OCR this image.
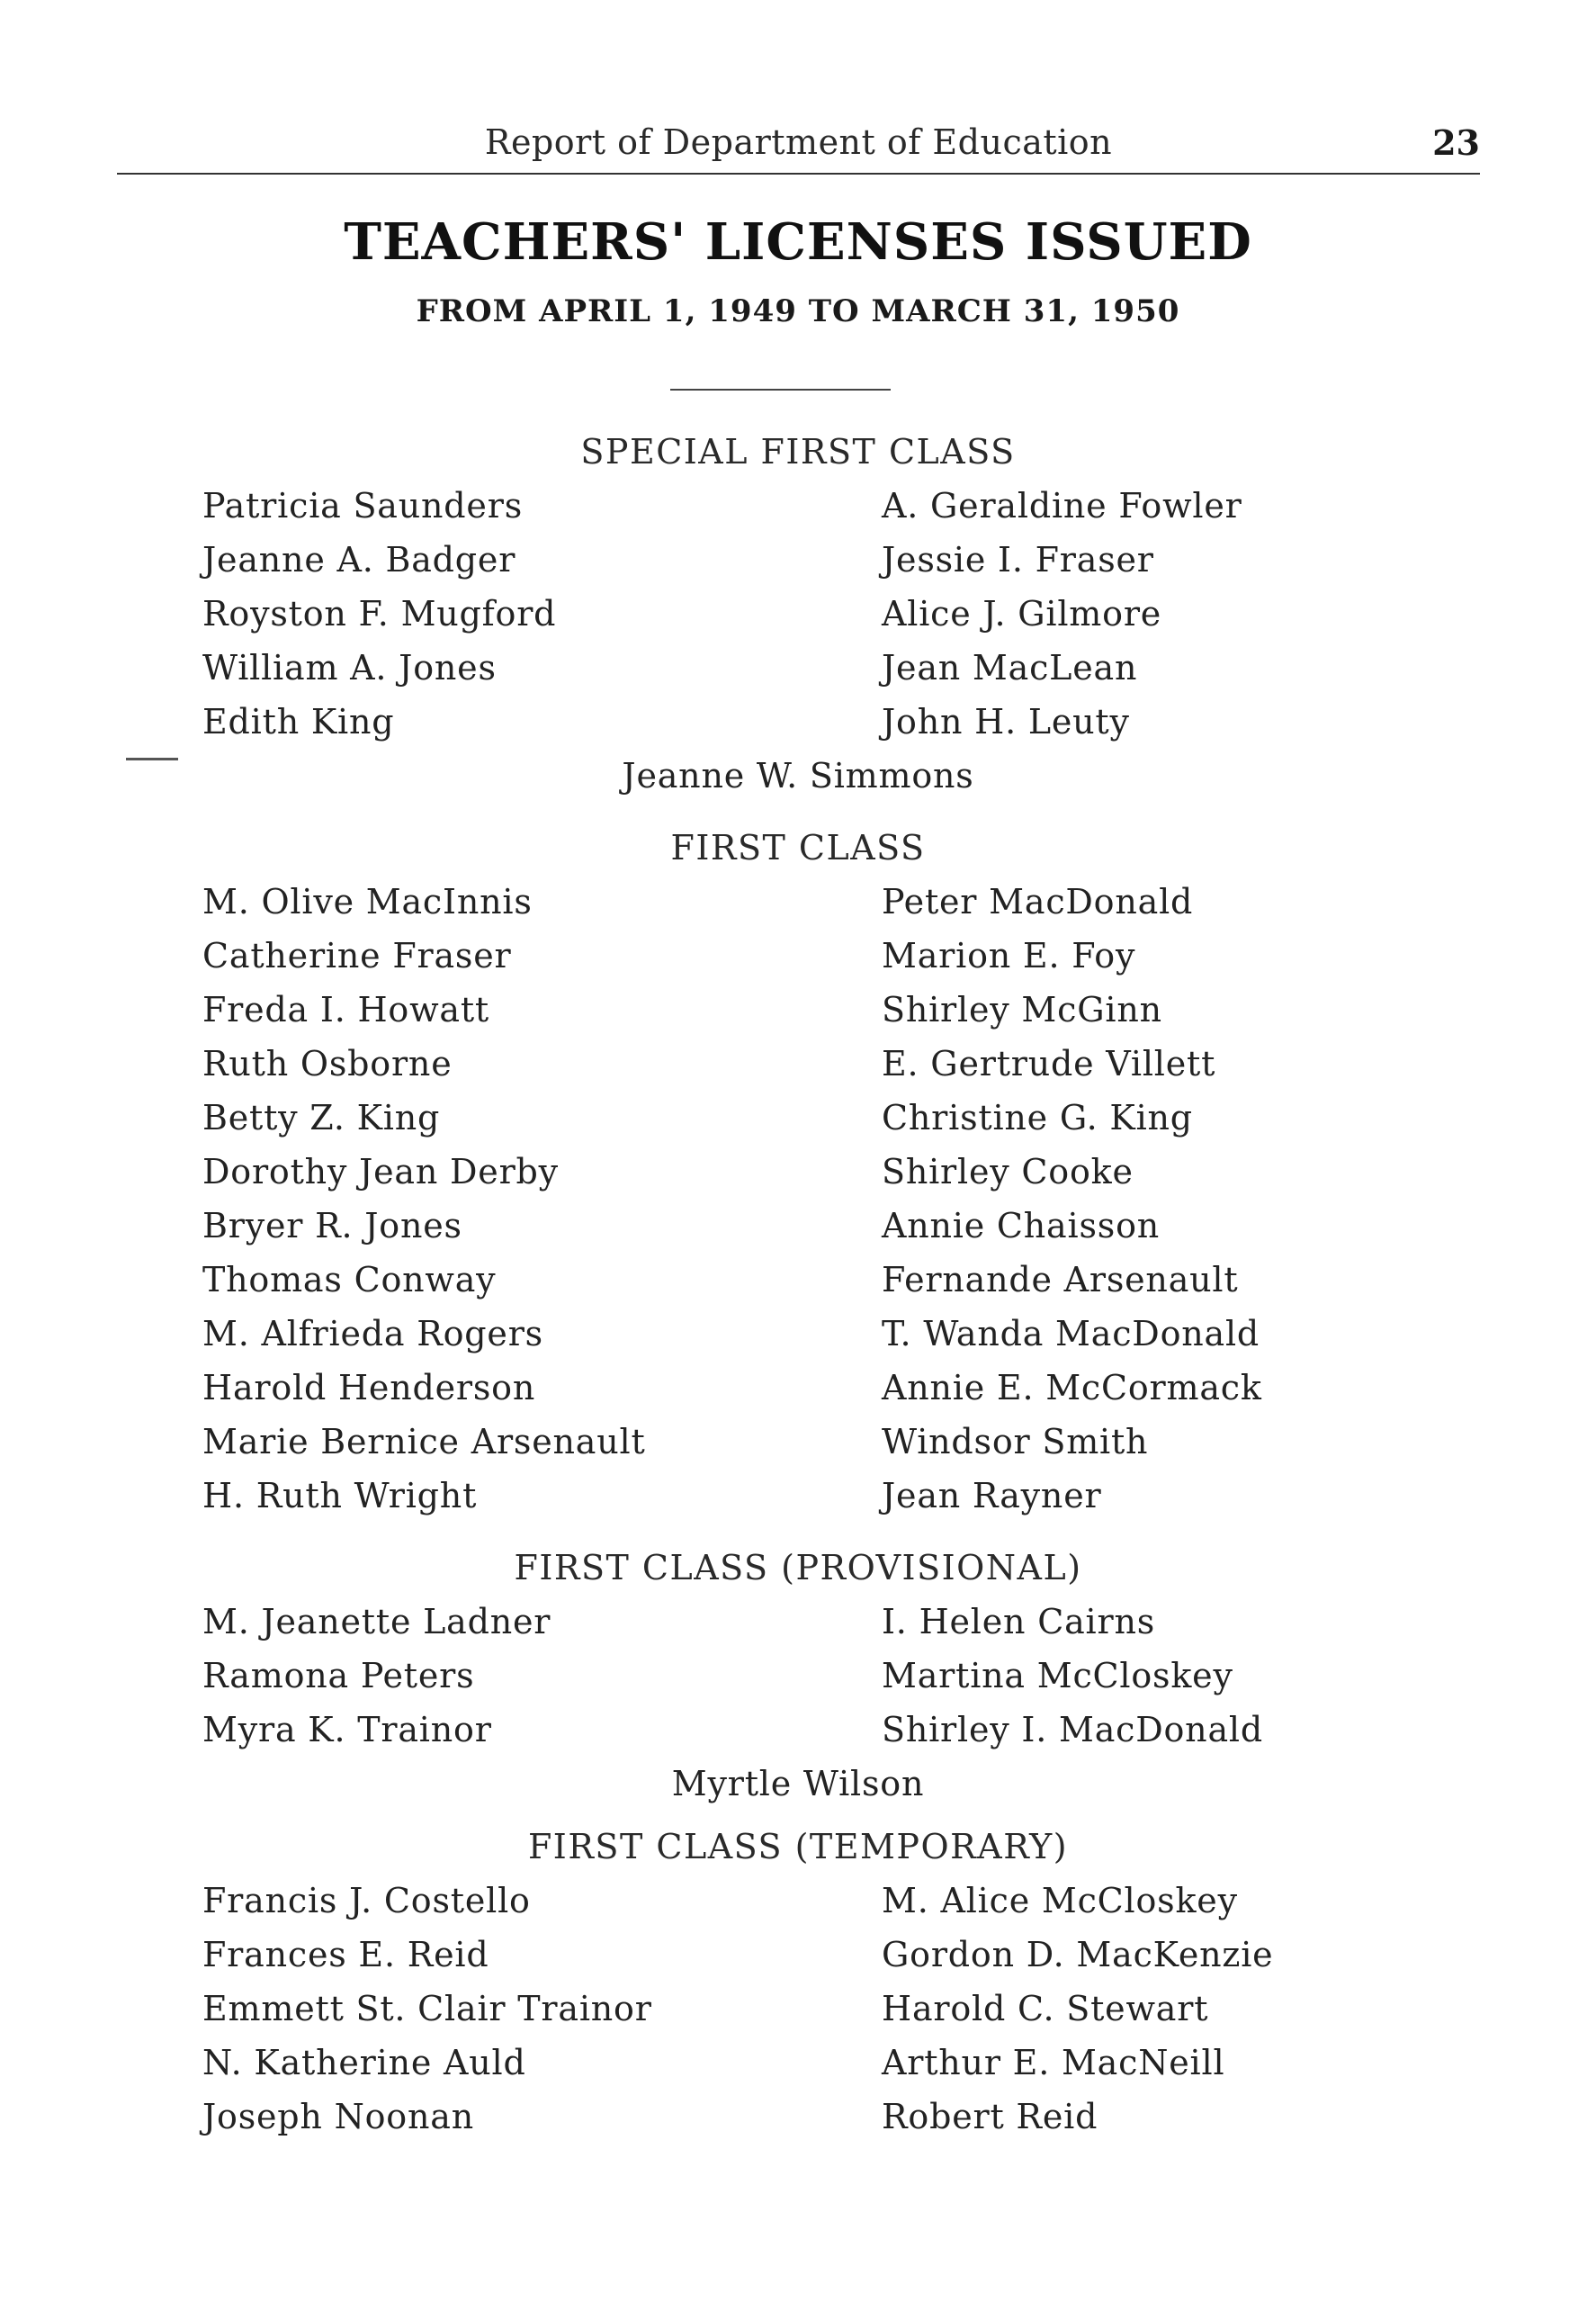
Report of Department of Education	23
TEACHERS' LICENSES ISSUED
FROM APRIL 1, 1949 TO MARCH 31, 1950
SPECIAL FIRST CLASS
Patricia Saunders
Jeanne A. Badger
Royston F. Mugford
William A. Jones
Edith King
A. Geraldine Fowler
Jessie I. Fraser
Alice J. Gilmore
Jean MacLean
John H. Leuty
Jeanne W. Simmons
FIRST CLASS
M. Olive MacInnis
Catherine Fraser
Freda I. Howatt
Ruth Osborne
Betty Z. King
Dorothy Jean Derby
Bryer R. Jones
Thomas Conway
M. Alfrieda Rogers
Harold Henderson
Marie Bernice Arsenault
H. Ruth Wright
Peter MacDonald
Marion E. Foy
Shirley McGinn
E. Gertrude Villett
Christine G. King
Shirley Cooke
Annie Chaisson
Fernande Arsenault
T. Wanda MacDonald
Annie E. McCormack
Windsor Smith
Jean Rayner
FIRST CLASS (PROVISIONAL)
M. Jeanette Ladner
Ramona Peters
Myra K. Trainor
I. Helen Cairns
Martina McCloskey
Shirley I. MacDonald
Myrtle Wilson
FIRST CLASS (TEMPORARY)
Francis J. Costello
Frances E. Reid
Emmett St. Clair Trainor
N. Katherine Auld
Joseph Noonan
M. Alice McCloskey
Gordon D. MacKenzie
Harold C. Stewart
Arthur E. MacNeill
Robert Reid
